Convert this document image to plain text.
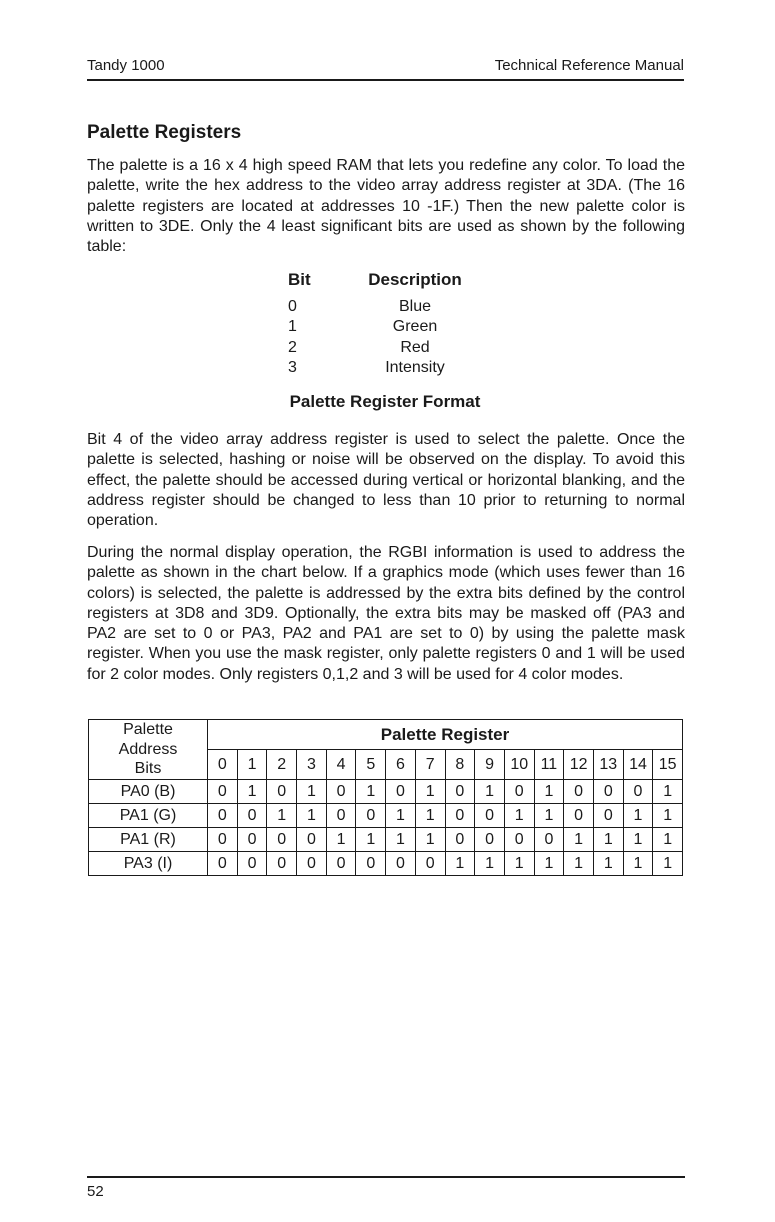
Tandy 1000	Technical Reference Manual
Palette Registers

The palette is a 16 x 4 high speed RAM that lets you redefine any color. To load the palette, write the hex address to the video array address register at 3DA. (The 16 palette registers are located at addresses 10 -1F.) Then the new palette color is written to 3DE. Only the 4 least significant bits are used as shown by the following table:

Bit	Description
0	Blue
1	Green
2	Red
3	Intensity
Palette Register Format

Bit 4 of the video array address register is used to select the palette. Once the palette is selected, hashing or noise will be observed on the display. To avoid this effect, the palette should be accessed during vertical or horizontal blanking, and the address register should be changed to less than 10 prior to returning to normal operation.

During the normal display operation, the RGBI information is used to address the palette as shown in the chart below. If a graphics mode (which uses fewer than 16 colors) is selected, the palette is addressed by the extra bits defined by the control registers at 3D8 and 3D9. Optionally, the extra bits may be masked off (PA3 and PA2 are set to 0 or PA3, PA2 and PA1 are set to 0) by using the palette mask register. When you use the mask register, only palette registers 0 and 1 will be used for 2 color modes. Only registers 0,1,2 and 3 will be used for 4 color modes.

Palette
Address
Bits	Palette Register															
	0	1	2	3	4	5	6	7	8	9	10	11	12	13	14	15
PA0 (B)	0	1	0	1	0	1	0	1	0	1	0	1	0	0	0	1
PA1 (G)	0	0	1	1	0	0	1	1	0	0	1	1	0	0	1	1
PA1 (R)	0	0	0	0	1	1	1	1	0	0	0	0	1	1	1	1
PA3 (I)	0	0	0	0	0	0	0	0	1	1	1	1	1	1	1	1
52
